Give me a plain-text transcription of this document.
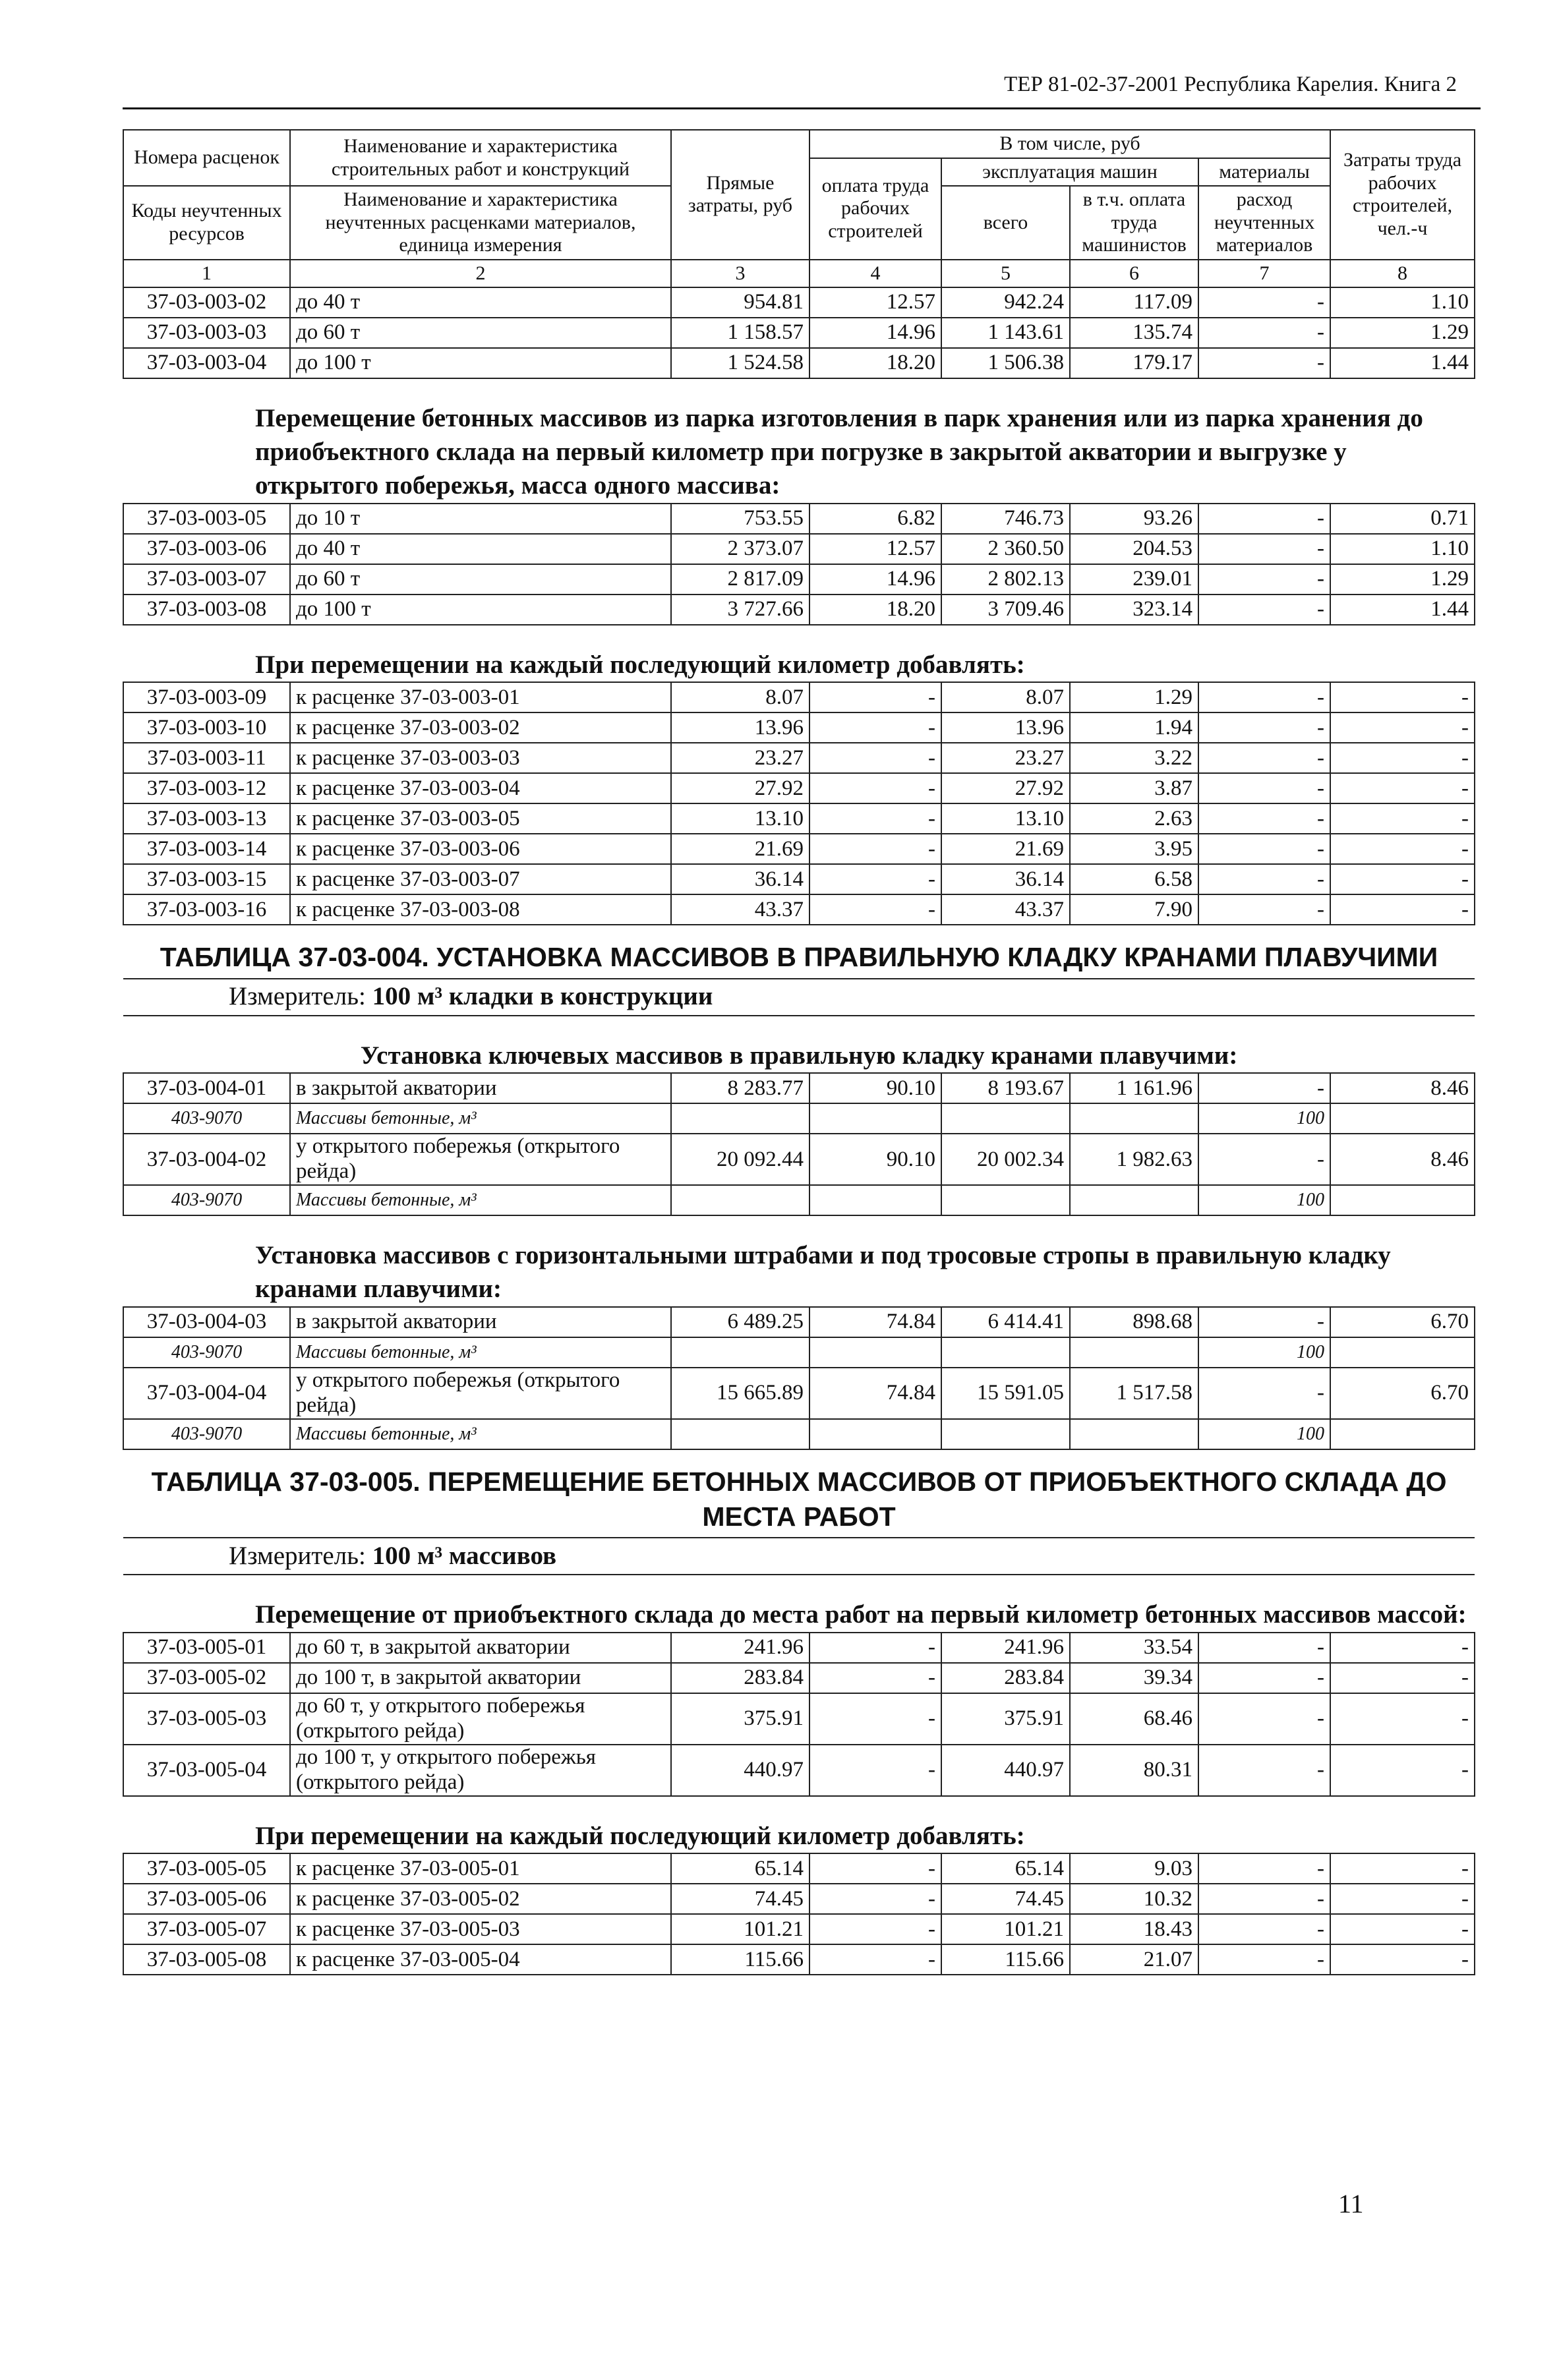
ТЕР 81-02-37-2001 Республика Карелия. Книга 2
Номера расценок	Наименование и характеристика строительных работ и конструкций	Прямые затраты, руб	В том числе, руб				Затраты труда рабочих строителей, чел.-ч
			оплата труда рабочих строителей	эксплуатация машин		материалы	
Коды неучтенных ресурсов	Наименование и характеристика неучтенных расценками материалов, единица измерения			всего	в т.ч. оплата труда машинистов	расход неучтенных материалов	

1	2	3	4	5	6	7	8
37-03-003-02	до 40 т	954.81	12.57	942.24	117.09	-	1.10
37-03-003-03	до 60 т	1 158.57	14.96	1 143.61	135.74	-	1.29
37-03-003-04	до 100 т	1 524.58	18.20	1 506.38	179.17	-	1.44
Перемещение бетонных массивов из парка изготовления в парк хранения или из парка хранения до приобъектного склада на первый километр при погрузке в закрытой акватории и выгрузке у открытого побережья, масса одного массива:							
37-03-003-05	до 10 т	753.55	6.82	746.73	93.26	-	0.71
37-03-003-06	до 40 т	2 373.07	12.57	2 360.50	204.53	-	1.10
37-03-003-07	до 60 т	2 817.09	14.96	2 802.13	239.01	-	1.29
37-03-003-08	до 100 т	3 727.66	18.20	3 709.46	323.14	-	1.44
При перемещении на каждый последующий километр добавлять:							
37-03-003-09	к расценке 37-03-003-01	8.07	-	8.07	1.29	-	-
37-03-003-10	к расценке 37-03-003-02	13.96	-	13.96	1.94	-	-
37-03-003-11	к расценке 37-03-003-03	23.27	-	23.27	3.22	-	-
37-03-003-12	к расценке 37-03-003-04	27.92	-	27.92	3.87	-	-
37-03-003-13	к расценке 37-03-003-05	13.10	-	13.10	2.63	-	-
37-03-003-14	к расценке 37-03-003-06	21.69	-	21.69	3.95	-	-
37-03-003-15	к расценке 37-03-003-07	36.14	-	36.14	6.58	-	-
37-03-003-16	к расценке 37-03-003-08	43.37	-	43.37	7.90	-	-
ТАБЛИЦА 37-03-004. УСТАНОВКА МАССИВОВ В ПРАВИЛЬНУЮ КЛАДКУ КРАНАМИ ПЛАВУЧИМИ							
Измеритель: 100 м³ кладки в конструкции							
Установка ключевых массивов в правильную кладку кранами плавучими:							
37-03-004-01	в закрытой акватории	8 283.77	90.10	8 193.67	1 161.96	-	8.46
403-9070	Массивы бетонные, м³					100	
37-03-004-02	у открытого побережья (открытого рейда)	20 092.44	90.10	20 002.34	1 982.63	-	8.46
403-9070	Массивы бетонные, м³					100	
Установка массивов с горизонтальными штрабами и под тросовые стропы в правильную кладку кранами плавучими:							
37-03-004-03	в закрытой акватории	6 489.25	74.84	6 414.41	898.68	-	6.70
403-9070	Массивы бетонные, м³					100	
37-03-004-04	у открытого побережья (открытого рейда)	15 665.89	74.84	15 591.05	1 517.58	-	6.70
403-9070	Массивы бетонные, м³					100	
ТАБЛИЦА 37-03-005. ПЕРЕМЕЩЕНИЕ БЕТОННЫХ МАССИВОВ ОТ ПРИОБЪЕКТНОГО СКЛАДА ДО МЕСТА РАБОТ							
Измеритель: 100 м³ массивов							
Перемещение от приобъектного склада до места работ на первый километр бетонных массивов массой:							
37-03-005-01	до 60 т, в закрытой акватории	241.96	-	241.96	33.54	-	-
37-03-005-02	до 100 т, в закрытой акватории	283.84	-	283.84	39.34	-	-
37-03-005-03	до 60 т, у открытого побережья (открытого рейда)	375.91	-	375.91	68.46	-	-
37-03-005-04	до 100 т, у открытого побережья (открытого рейда)	440.97	-	440.97	80.31	-	-
При перемещении на каждый последующий километр добавлять:							
37-03-005-05	к расценке 37-03-005-01	65.14	-	65.14	9.03	-	-
37-03-005-06	к расценке 37-03-005-02	74.45	-	74.45	10.32	-	-
37-03-005-07	к расценке 37-03-005-03	101.21	-	101.21	18.43	-	-
37-03-005-08	к расценке 37-03-005-04	115.66	-	115.66	21.07	-	-
11
